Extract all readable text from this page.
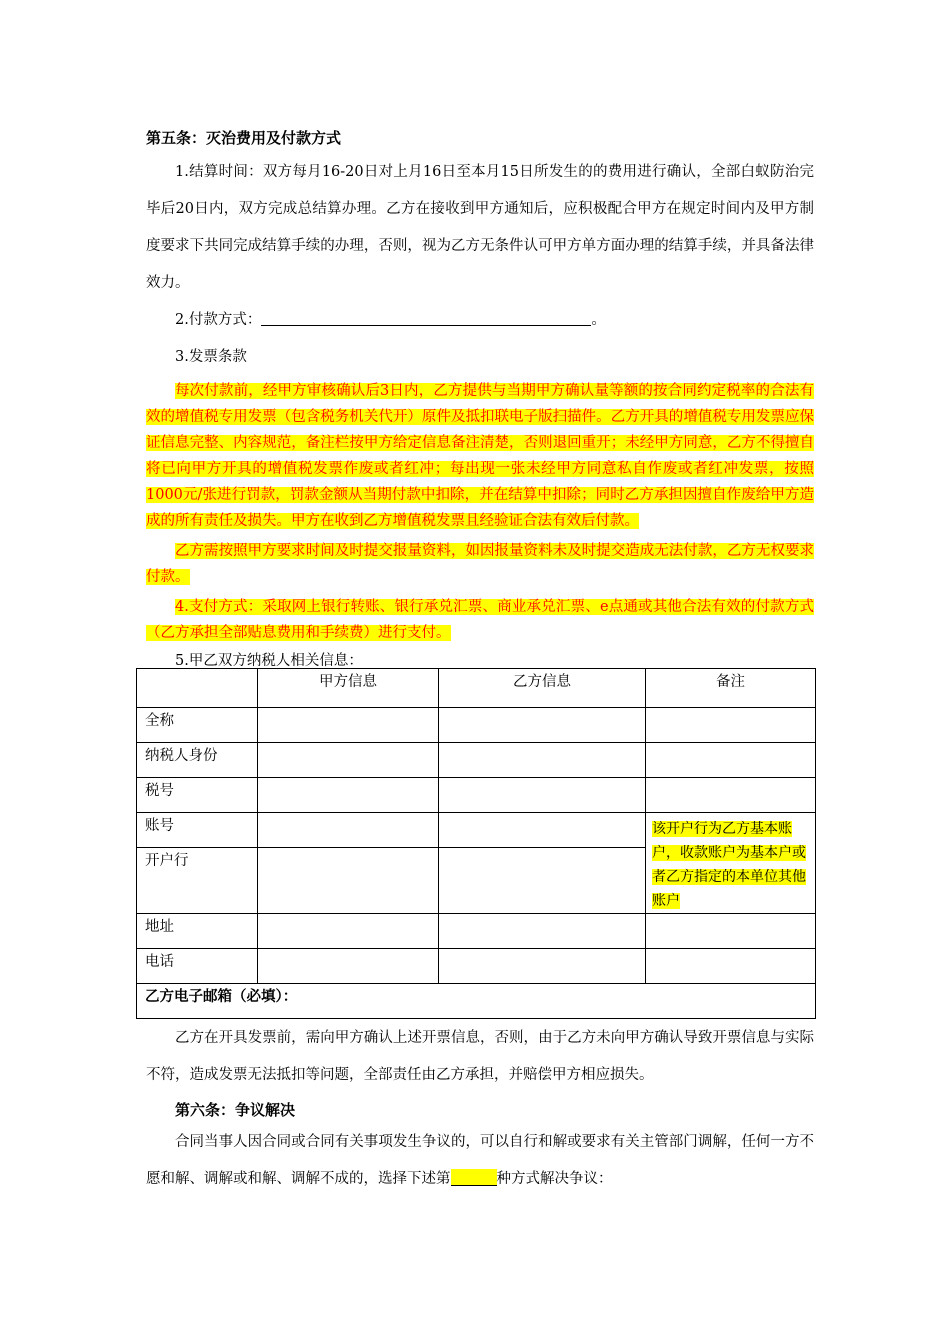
第五条：灭治费用及付款方式

1.结算时间：双方每月16-20日对上月16日至本月15日所发生的的费用进行确认，全部白蚁防治完毕后20日内，双方完成总结算办理。乙方在接收到甲方通知后，应积极配合甲方在规定时间内及甲方制度要求下共同完成结算手续的办理，否则，视为乙方无条件认可甲方单方面办理的结算手续，并具备法律效力。

2.付款方式：	。

3.发票条款

每次付款前，经甲方审核确认后3日内，乙方提供与当期甲方确认量等额的按合同约定税率的合法有效的增值税专用发票（包含税务机关代开）原件及抵扣联电子版扫描件。乙方开具的增值税专用发票应保证信息完整、内容规范，备注栏按甲方给定信息备注清楚，否则退回重开；未经甲方同意，乙方不得擅自将已向甲方开具的增值税发票作废或者红冲；每出现一张未经甲方同意私自作废或者红冲发票，按照1000元/张进行罚款，罚款金额从当期付款中扣除，并在结算中扣除；同时乙方承担因擅自作废给甲方造成的所有责任及损失。甲方在收到乙方增值税发票且经验证合法有效后付款。

乙方需按照甲方要求时间及时提交报量资料，如因报量资料未及时提交造成无法付款，乙方无权要求付款。

4.支付方式：采取网上银行转账、银行承兑汇票、商业承兑汇票、e点通或其他合法有效的付款方式（乙方承担全部贴息费用和手续费）进行支付。

5.甲乙双方纳税人相关信息：

	甲方信息	乙方信息	备注
全称			
纳税人身份			
税号			
账号			该开户行为乙方基本账户，收款账户为基本户或者乙方指定的本单位其他账户
开户行			
地址			
电话			
乙方电子邮箱（必填）：			

乙方在开具发票前，需向甲方确认上述开票信息，否则，由于乙方未向甲方确认导致开票信息与实际不符，造成发票无法抵扣等问题，全部责任由乙方承担，并赔偿甲方相应损失。

第六条：争议解决

合同当事人因合同或合同有关事项发生争议的，可以自行和解或要求有关主管部门调解，任何一方不愿和解、调解或和解、调解不成的，选择下述第	种方式解决争议：
